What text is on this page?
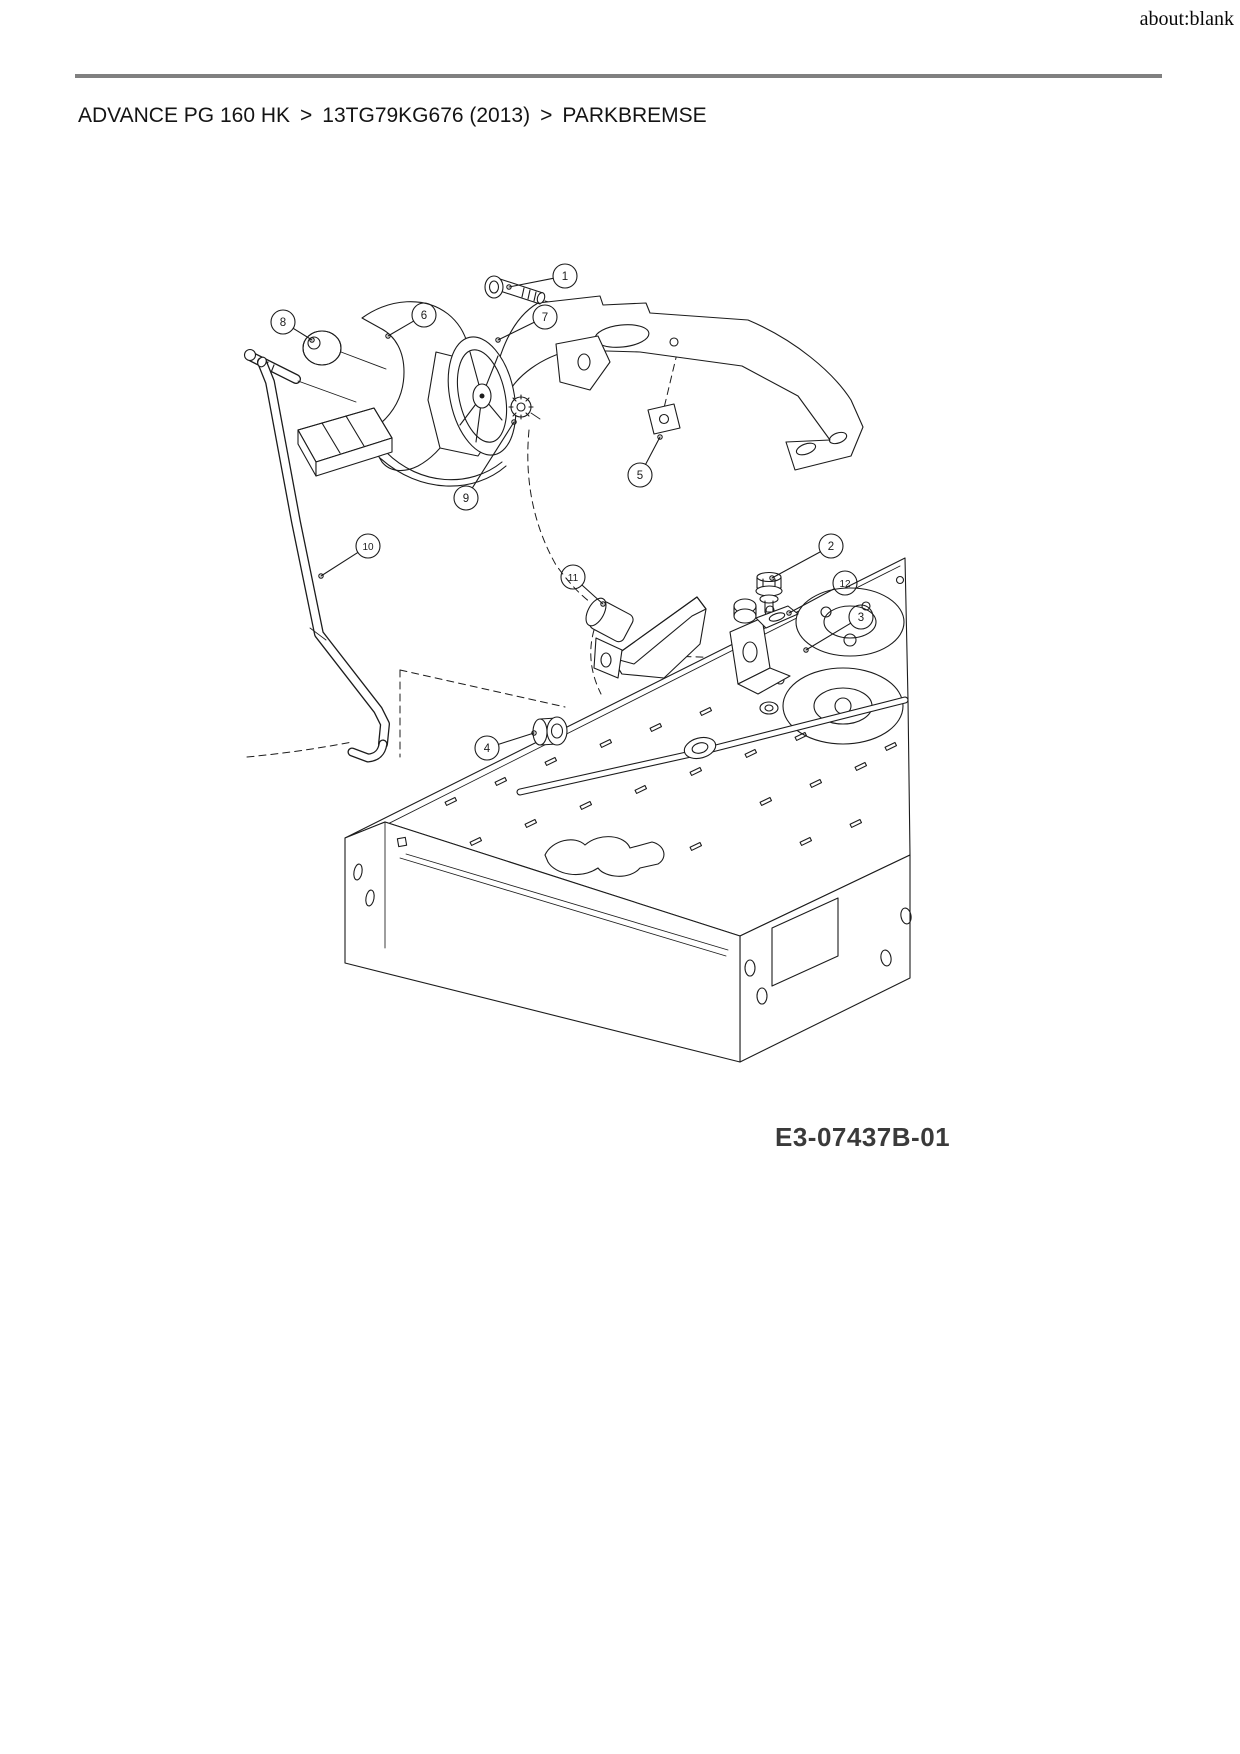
about:blank
ADVANCE PG 160 HK > 13TG79KG676 (2013) > PARKBREMSE
1
2
3
4
5
6	7
8
9
10
11
12
E3-07437B-01
